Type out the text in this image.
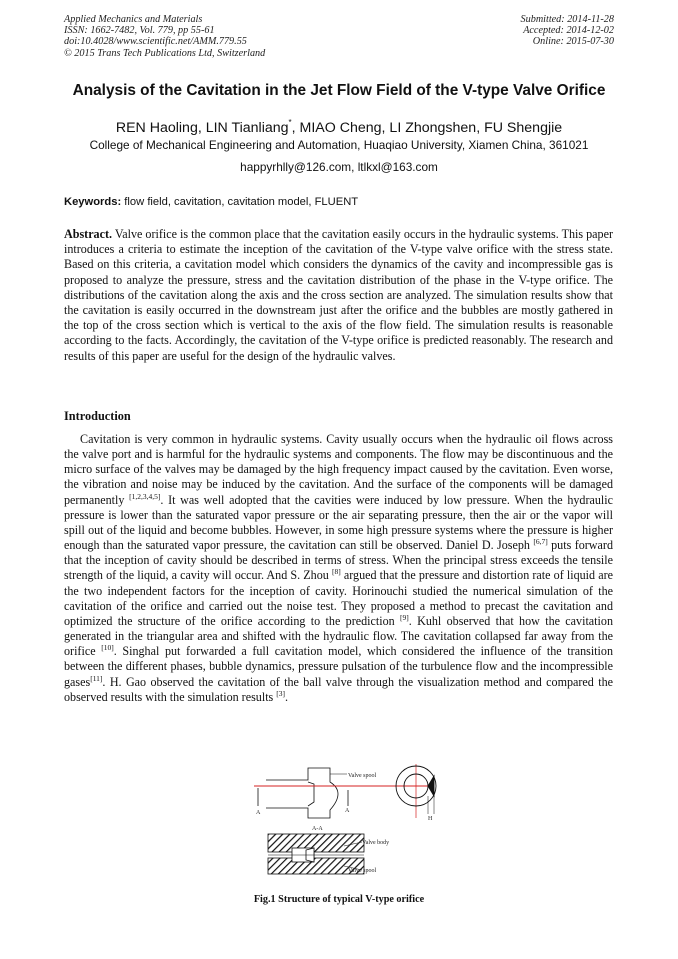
Applied Mechanics and Materials
ISSN: 1662-7482, Vol. 779, pp 55-61
doi:10.4028/www.scientific.net/AMM.779.55
© 2015 Trans Tech Publications Ltd, Switzerland
Submitted: 2014-11-28
Accepted: 2014-12-02
Online: 2015-07-30
Analysis of the Cavitation in the Jet Flow Field of the V-type Valve Orifice
REN Haoling, LIN Tianliang*, MIAO Cheng, LI Zhongshen, FU Shengjie
College of Mechanical Engineering and Automation, Huaqiao University, Xiamen China, 361021
happyrhlly@126.com, ltlkxl@163.com
Keywords: flow field, cavitation, cavitation model, FLUENT
Abstract. Valve orifice is the common place that the cavitation easily occurs in the hydraulic systems. This paper introduces a criteria to estimate the inception of the cavitation of the V-type valve orifice with the stress state. Based on this criteria, a cavitation model which considers the dynamics of the cavity and incompressible gas is proposed to analyze the pressure, stress and the cavitation distribution of the phase in the V-type orifice. The distributions of the cavitation along the axis and the cross section are analyzed. The simulation results show that the cavitation is easily occurred in the downstream just after the orifice and the bubbles are mostly gathered in the top of the cross section which is vertical to the axis of the flow field. The simulation results is reasonable according to the facts. Accordingly, the cavitation of the V-type orifice is predicted reasonably. The research and results of this paper are useful for the design of the hydraulic valves.
Introduction
Cavitation is very common in hydraulic systems. Cavity usually occurs when the hydraulic oil flows across the valve port and is harmful for the hydraulic systems and components. The flow may be discontinuous and the micro surface of the valves may be damaged by the high frequency impact caused by the cavitation. Even worse, the vibration and noise may be induced by the cavitation. And the surface of the components will be damaged permanently [1,2,3,4,5]. It was well adopted that the cavities were induced by low pressure. When the hydraulic pressure is lower than the saturated vapor pressure or the air separating pressure, then the air or the vapor will spill out of the liquid and become bubbles. However, in some high pressure systems where the pressure is higher enough than the saturated vapor pressure, the cavitation can still be observed. Daniel D. Joseph [6,7] puts forward that the inception of cavity should be described in terms of stress. When the principal stress exceeds the tensile strength of the liquid, a cavity will occur. And S. Zhou [8] argued that the pressure and distortion rate of liquid are the two independent factors for the inception of cavity. Horinouchi studied the numerical simulation of the cavitation of the orifice and carried out the noise test. They proposed a method to precast the cavitation and optimized the structure of the orifice according to the prediction [9]. Kuhl observed that how the cavitation generated in the triangular area and shifted with the hydraulic flow. The cavitation collapsed far away from the orifice [10]. Singhal put forwarded a full cavitation model, which considered the influence of the transition between the different phases, bubble dynamics, pressure pulsation of the turbulence flow and the incompressible gases[11]. H. Gao observed the cavitation of the ball valve through the visualization method and compared the observed results with the simulation results [3].
Valve spool
A	A
A-A
H
Valve body
Valve spool
Fig.1 Structure of typical V-type orifice
